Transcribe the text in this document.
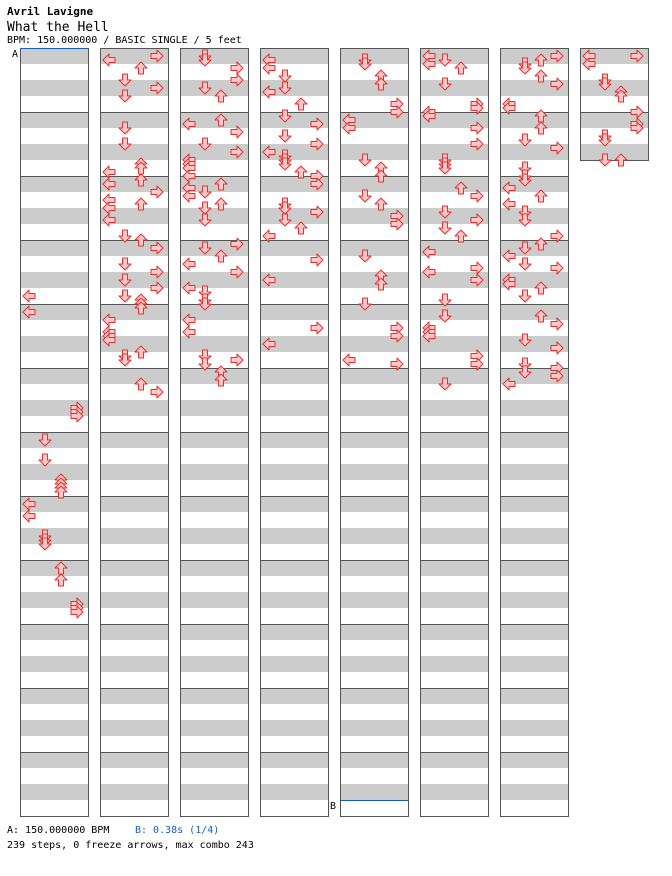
Avril Lavigne
What the Hell
BPM: 150.000000 / BASIC SINGLE / 5 feet
A
B
A: 150.000000 BPM	B: 0.38s (1/4)
239 steps, 0 freeze arrows, max combo 243
